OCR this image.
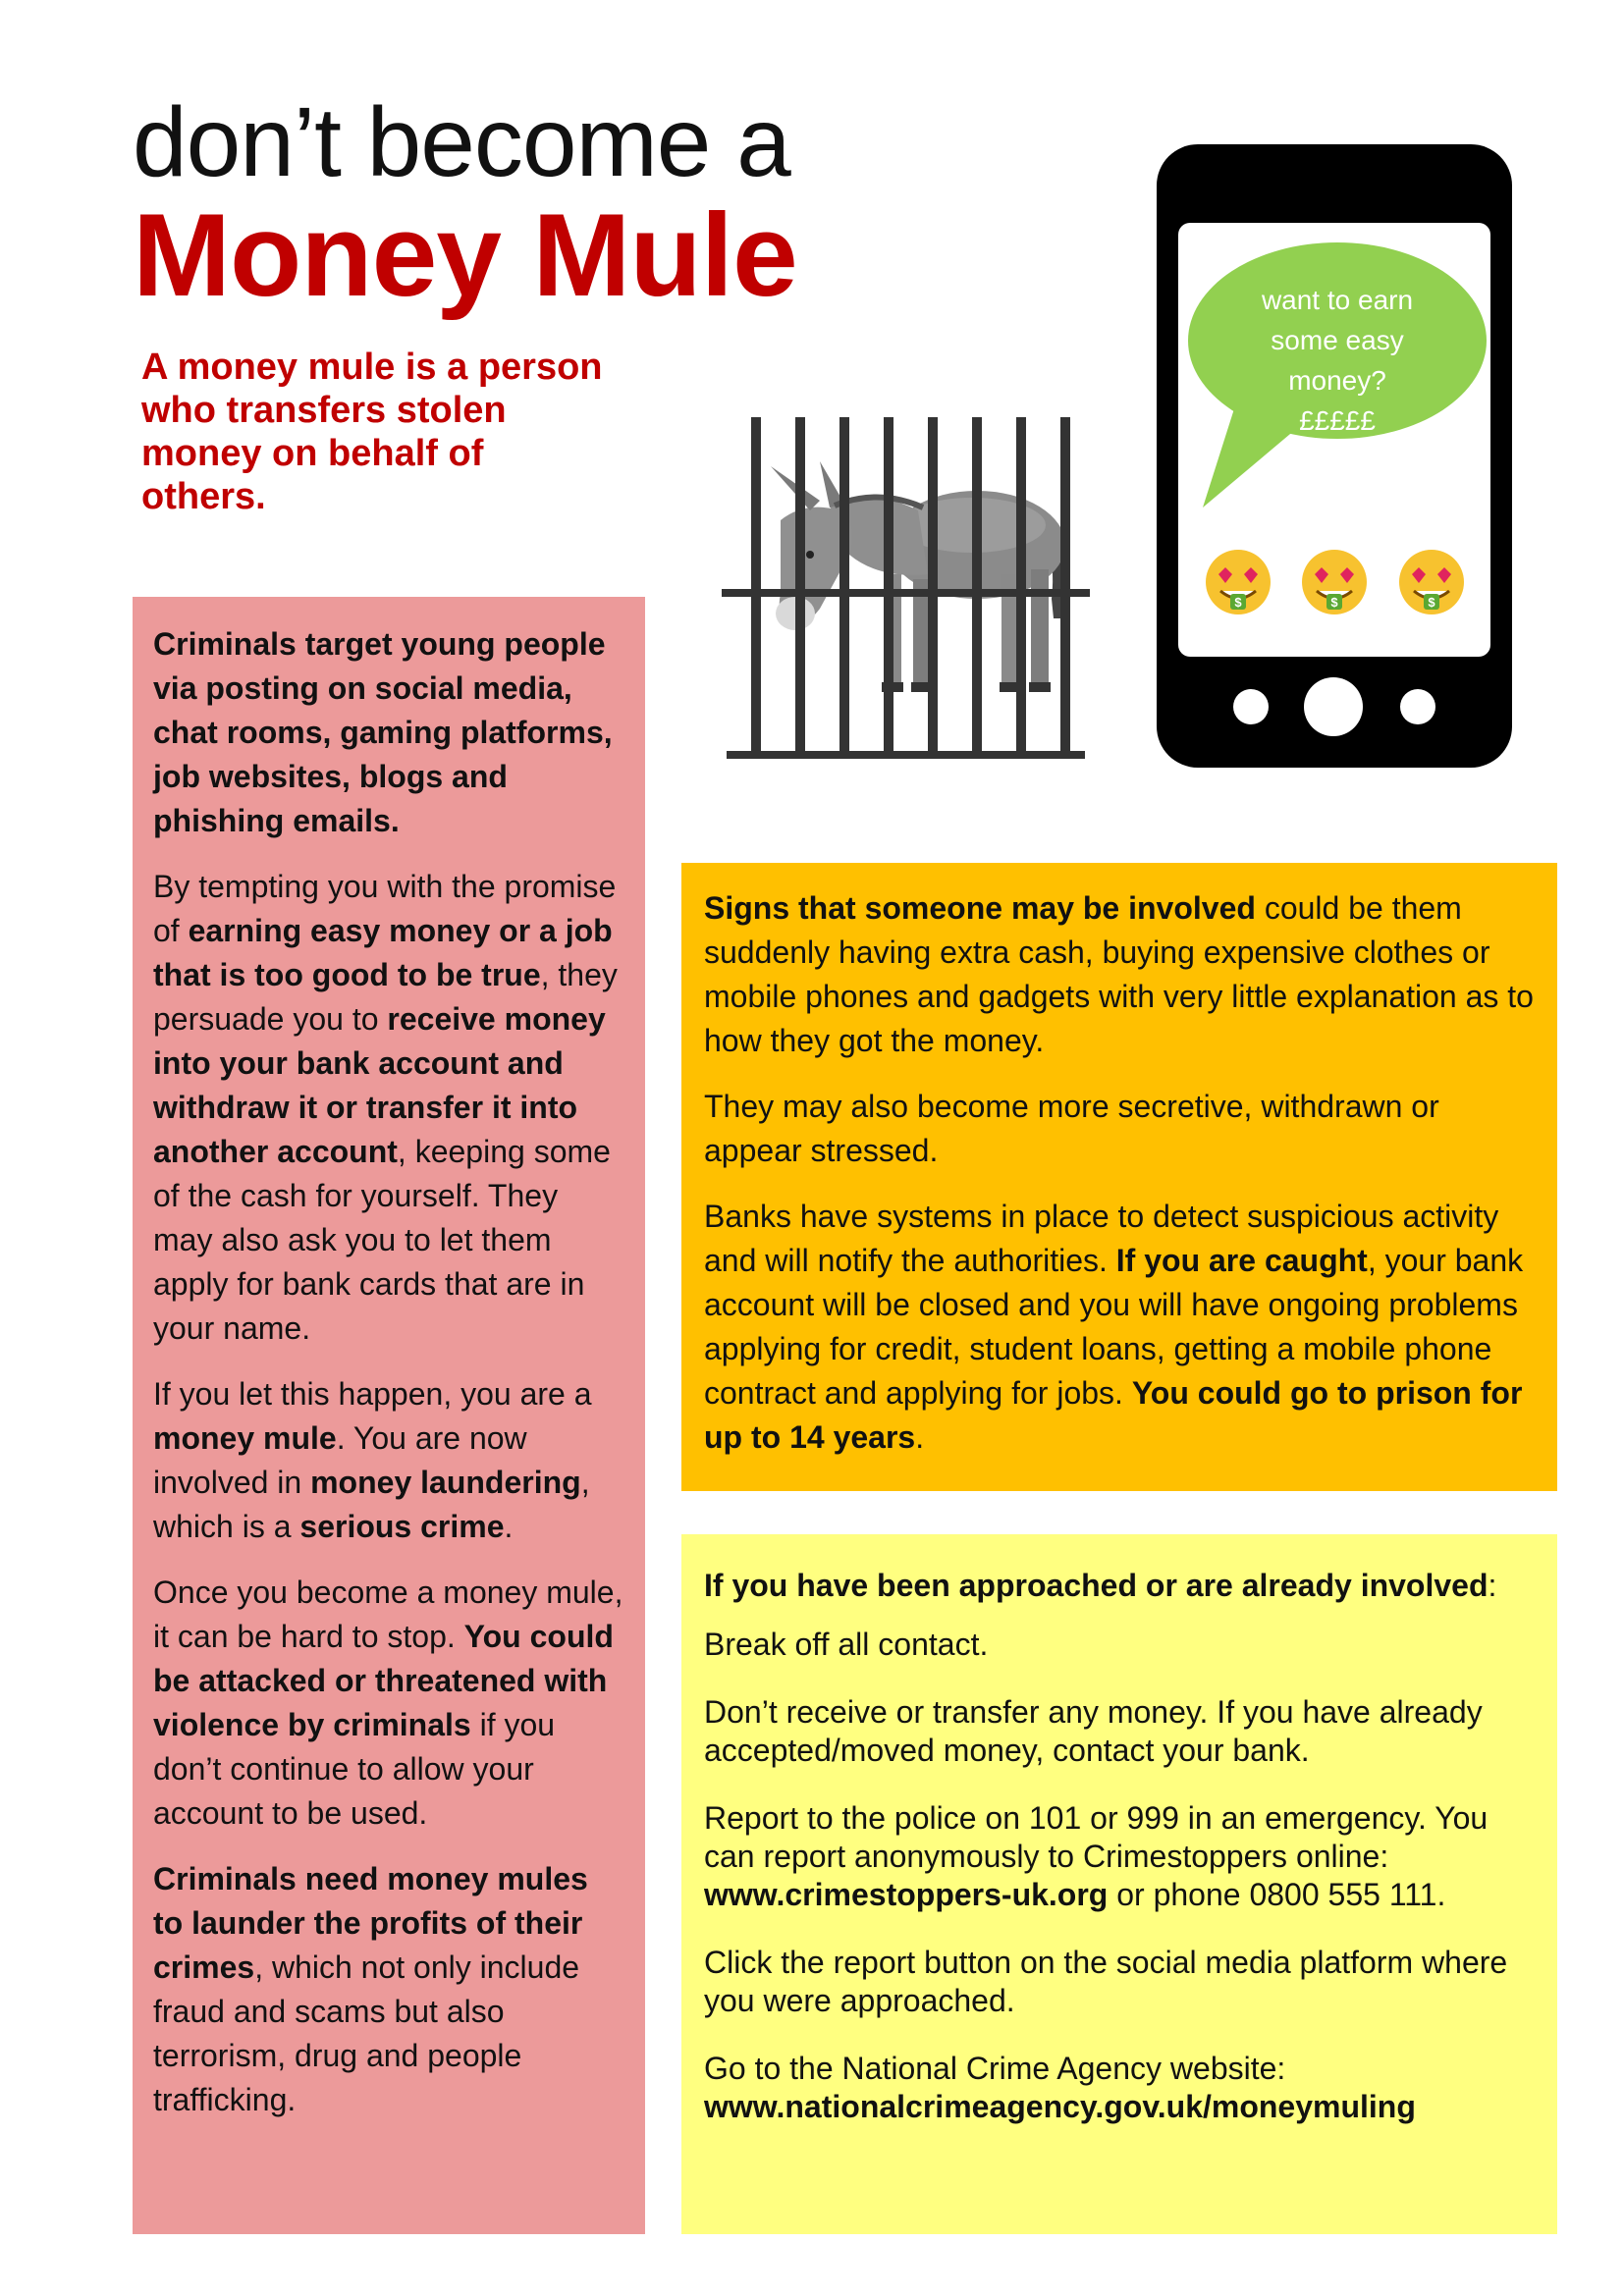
don’t become a
Money Mule
A money mule is a person who transfers stolen money on behalf of others.
want to earn
some easy
money?
£££££
$	$	$

Criminals target young people via posting on social media, chat rooms, gaming platforms, job websites, blogs and phishing emails.

By tempting you with the promise of earning easy money or a job that is too good to be true, they persuade you to receive money into your bank account and withdraw it or transfer it into another account, keeping some of the cash for yourself. They may also ask you to let them apply for bank cards that are in your name.

If you let this happen, you are a money mule. You are now involved in money laundering, which is a serious crime.

Once you become a money mule, it can be hard to stop. You could be attacked or threatened with violence by criminals if you don’t continue to allow your account to be used.

Criminals need money mules to launder the profits of their crimes, which not only include fraud and scams but also terrorism, drug and people trafficking.

Signs that someone may be involved could be them suddenly having extra cash, buying expensive clothes or mobile phones and gadgets with very little explanation as to how they got the money.

They may also become more secretive, withdrawn or appear stressed.

Banks have systems in place to detect suspicious activity and will notify the authorities. If you are caught, your bank account will be closed and you will have ongoing problems applying for credit, student loans, getting a mobile phone contract and applying for jobs. You could go to prison for up to 14 years.

If you have been approached or are already involved:

Break off all contact.

Don’t receive or transfer any money. If you have already accepted/moved money, contact your bank.

Report to the police on 101 or 999 in an emergency. You can report anonymously to Crimestoppers online: www.crimestoppers-uk.org or phone 0800 555 111.

Click the report button on the social media platform where you were approached.

Go to the National Crime Agency website:
www.nationalcrimeagency.gov.uk/moneymuling
